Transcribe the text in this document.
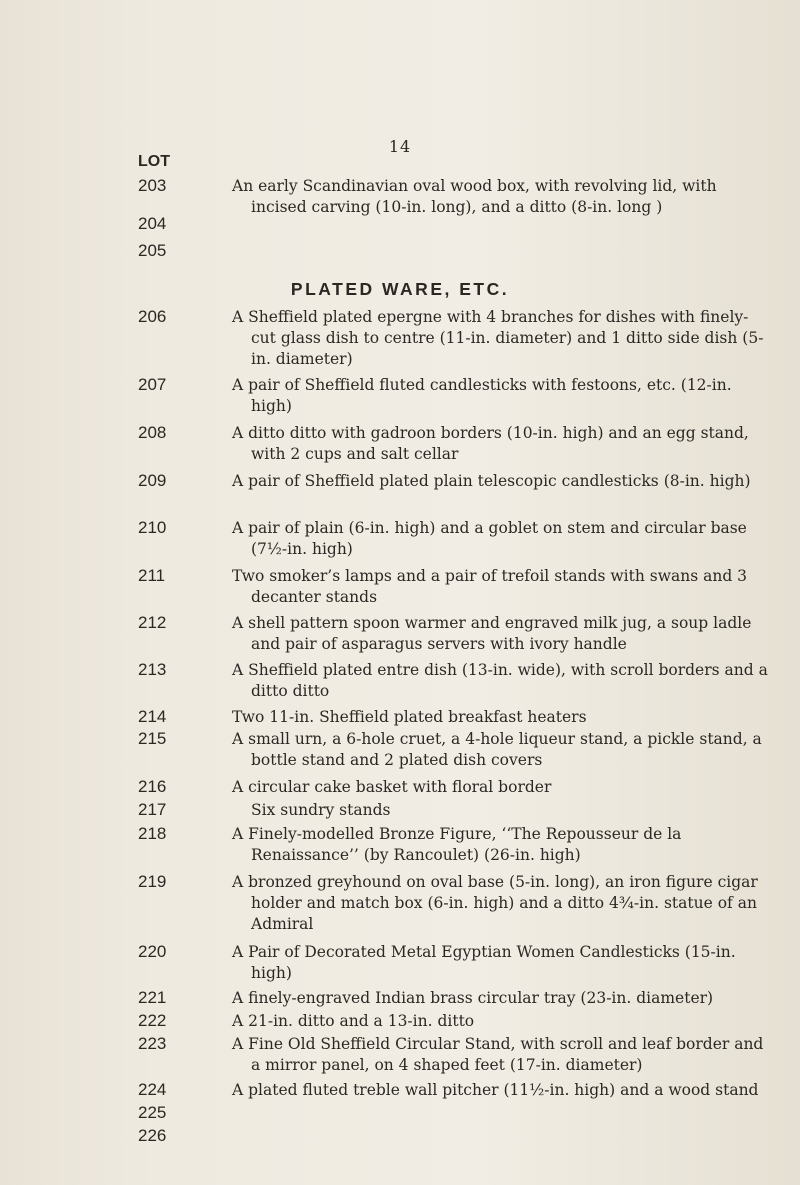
14
LOT
203	An early Scandinavian oval wood box, with revolving lid, with incised carving (10-in. long), and a ditto (8-in. long )
204
205
PLATED WARE, ETC.
206	A Sheffield plated epergne with 4 branches for dishes with finely-cut glass dish to centre (11-in. diameter) and 1 ditto side dish (5-in. diameter)
207	A pair of Sheffield fluted candlesticks with festoons, etc. (12-in. high)
208	A ditto ditto with gadroon borders (10-in. high) and an egg stand, with 2 cups and salt cellar
209	A pair of Sheffield plated plain telescopic candlesticks (8-in. high)
210	A pair of plain (6-in. high) and a goblet on stem and circular base (7½-in. high)
211	Two smoker’s lamps and a pair of trefoil stands with swans and 3 decanter stands
212	A shell pattern spoon warmer and engraved milk jug, a soup ladle and pair of asparagus servers with ivory handle
213	A Sheffield plated entre dish (13-in. wide), with scroll borders and a ditto ditto
214	Two 11-in. Sheffield plated breakfast heaters
215	A small urn, a 6-hole cruet, a 4-hole liqueur stand, a pickle stand, a bottle stand and 2 plated dish covers
216	A circular cake basket with floral border
217	Six sundry stands
218	A Finely-modelled Bronze Figure, ‘‘The Repousseur de la Renaissance’’ (by Rancoulet) (26-in. high)
219	A bronzed greyhound on oval base (5-in. long), an iron figure cigar holder and match box (6-in. high) and a ditto 4¾-in. statue of an Admiral
220	A Pair of Decorated Metal Egyptian Women Candlesticks (15-in. high)
221	A finely-engraved Indian brass circular tray (23-in. diameter)
222	A 21-in. ditto and a 13-in. ditto
223	A Fine Old Sheffield Circular Stand, with scroll and leaf border and a mirror panel, on 4 shaped feet (17-in. diameter)
224	A plated fluted treble wall pitcher (11½-in. high) and a wood stand
225
226
